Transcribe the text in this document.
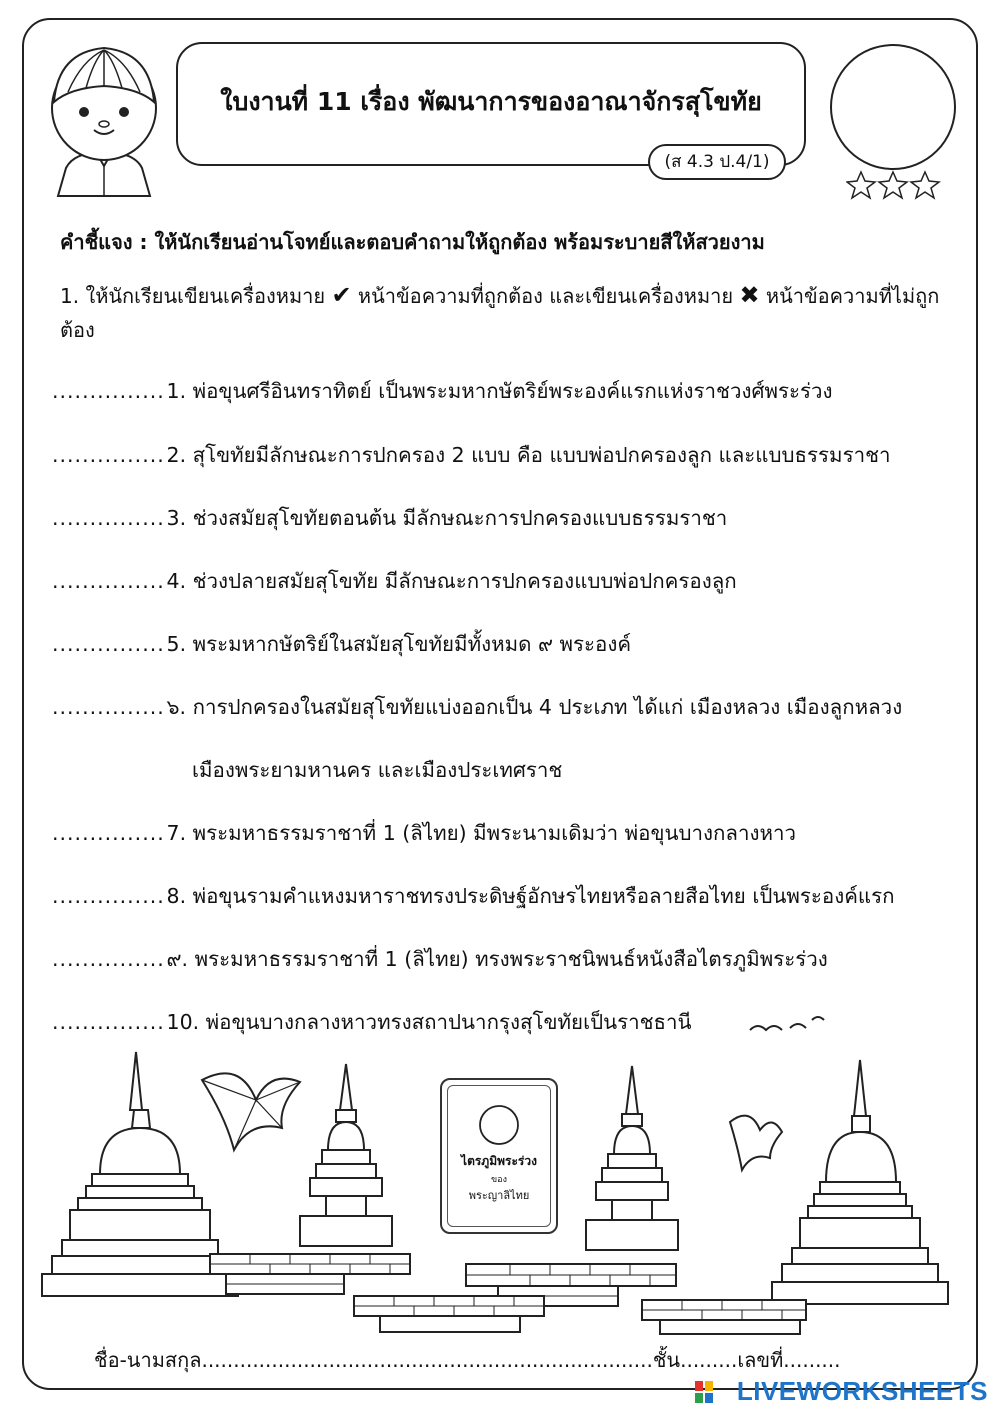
ใบงานที่ 11 เรื่อง พัฒนาการของอาณาจักรสุโขทัย
(ส 4.3 ป.4/1)
คำชี้แจง : ให้นักเรียนอ่านโจทย์และตอบคำถามให้ถูกต้อง พร้อมระบายสีให้สวยงาม
1. ให้นักเรียนเขียนเครื่องหมาย ✔ หน้าข้อความที่ถูกต้อง และเขียนเครื่องหมาย ✖ หน้าข้อความที่ไม่ถูกต้อง
............... 1. พ่อขุนศรีอินทราทิตย์ เป็นพระมหากษัตริย์พระองค์แรกแห่งราชวงศ์พระร่วง
............... 2. สุโขทัยมีลักษณะการปกครอง 2 แบบ คือ แบบพ่อปกครองลูก และแบบธรรมราชา
............... 3. ช่วงสมัยสุโขทัยตอนต้น มีลักษณะการปกครองแบบธรรมราชา
............... 4. ช่วงปลายสมัยสุโขทัย มีลักษณะการปกครองแบบพ่อปกครองลูก
............... 5. พระมหากษัตริย์ในสมัยสุโขทัยมีทั้งหมด ๙ พระองค์
............... ๖. การปกครองในสมัยสุโขทัยแบ่งออกเป็น 4 ประเภท ได้แก่ เมืองหลวง เมืองลูกหลวง
เมืองพระยามหานคร และเมืองประเทศราช
............... 7. พระมหาธรรมราชาที่ 1 (ลิไทย) มีพระนามเดิมว่า พ่อขุนบางกลางหาว
............... 8. พ่อขุนรามคำแหงมหาราชทรงประดิษฐ์อักษรไทยหรือลายสือไทย เป็นพระองค์แรก
............... ๙. พระมหาธรรมราชาที่ 1 (ลิไทย) ทรงพระราชนิพนธ์หนังสือไตรภูมิพระร่วง
............... 10. พ่อขุนบางกลางหาวทรงสถาปนากรุงสุโขทัยเป็นราชธานี
ไตรภูมิพระร่วง
ของ
พระญาลิไทย
ชื่อ-นามสกุล.......................................................................ชั้น.........เลขที่.........
LIVEWORKSHEETS
